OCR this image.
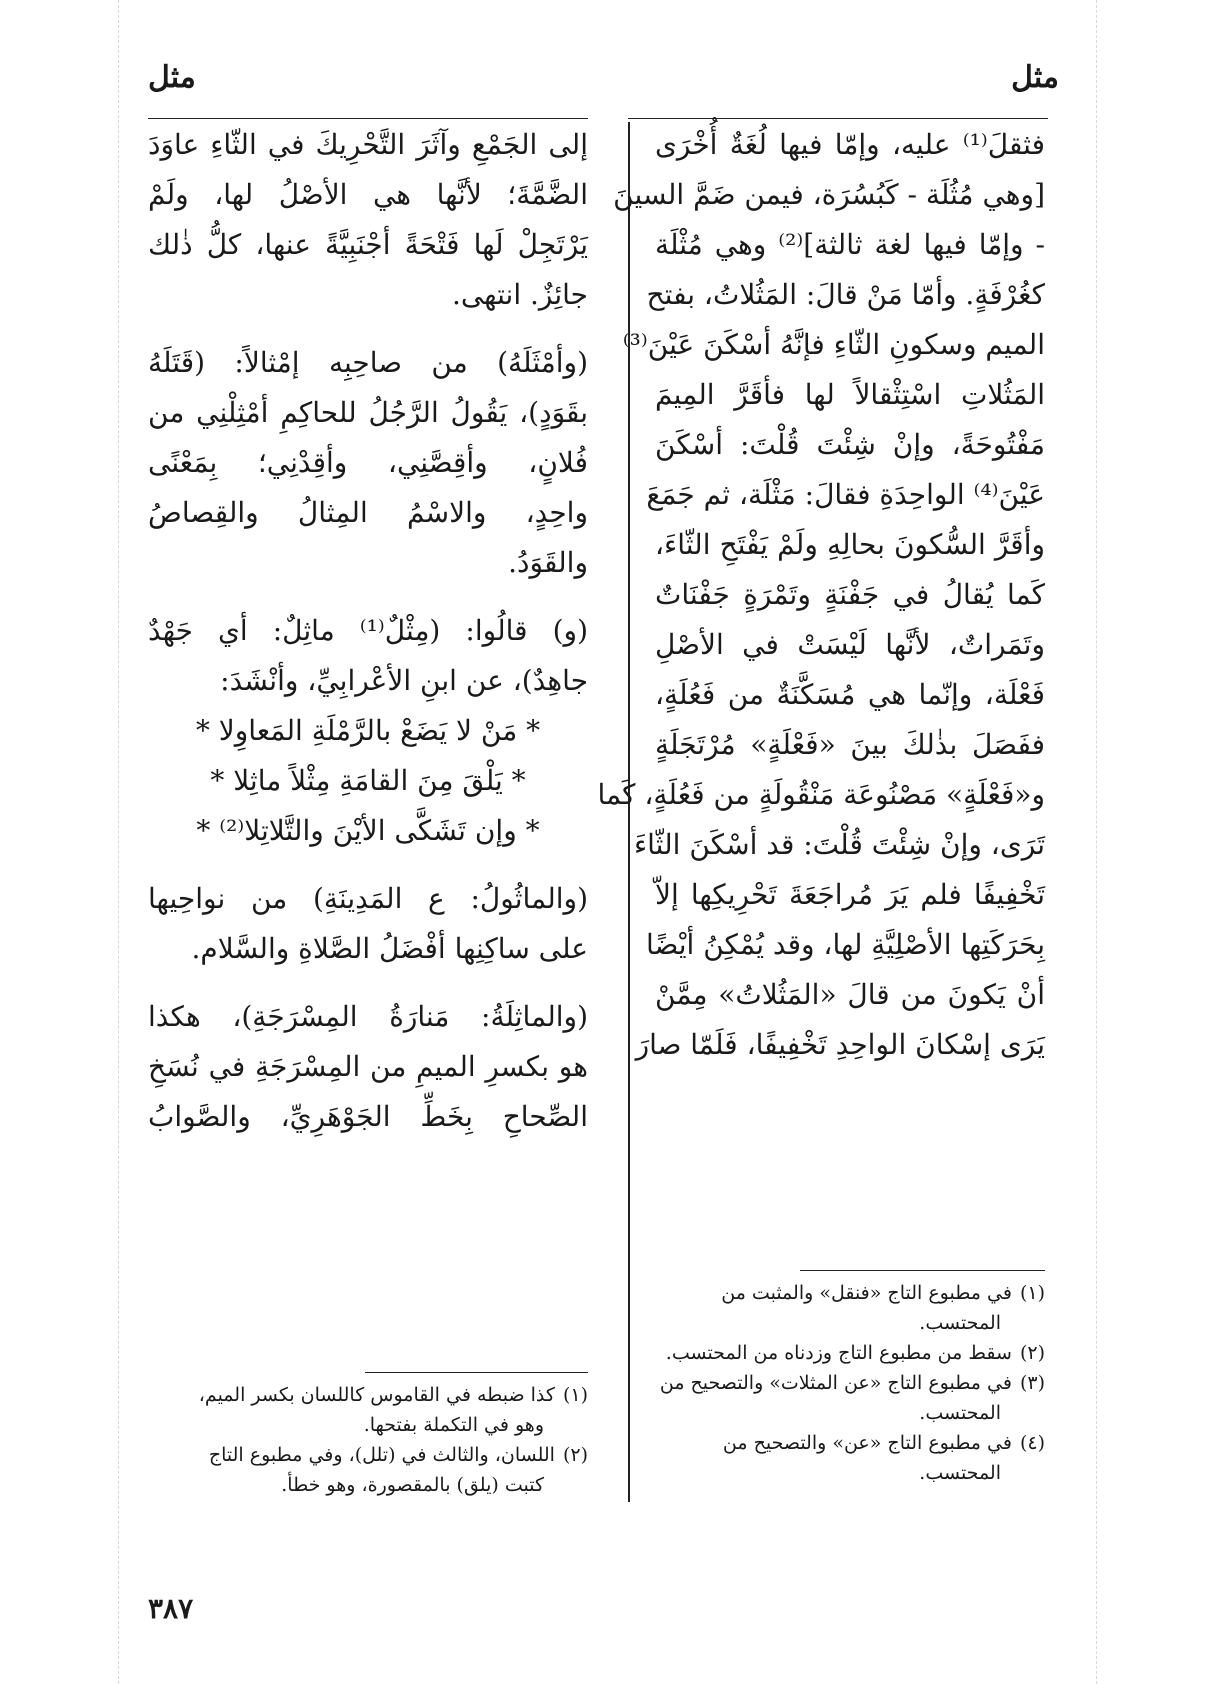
مثل
مثل
فثقلَ⁽¹⁾ عليه، وإمّا فيها لُغَةٌ أُخْرَى
[وهي مُثُلَة - كَبُسُرَة، فيمن ضَمَّ السينَ
- وإمّا فيها لغة ثالثة]⁽²⁾ وهي مُثْلَة
كغُرْفَةٍ. وأمّا مَنْ قالَ: المَثُلاتُ، بفتح
الميم وسكونِ الثّاءِ فإنَّهُ أسْكَنَ عَيْنَ⁽³⁾
المَثُلاتِ اسْتِثْقالاً لها فأقَرَّ المِيمَ
مَفْتُوحَةً، وإنْ شِئْتَ قُلْتَ: أسْكَنَ
عَيْنَ⁽⁴⁾ الواحِدَةِ فقالَ: مَثْلَة، ثم جَمَعَ
وأقَرَّ السُّكونَ بحالِهِ ولَمْ يَفْتَحِ الثّاءَ،
كَما يُقالُ في جَفْنَةٍ وتَمْرَةٍ جَفْنَاتٌ
وتَمَراتٌ، لأنَّها لَيْسَتْ في الأصْلِ
فَعْلَة، وإنّما هي مُسَكَّنَةٌ من فَعُلَةٍ،
ففَصَلَ بذٰلكَ بينَ «فَعْلَةٍ» مُرْتَجَلَةٍ
و«فَعْلَةٍ» مَصْنُوعَة مَنْقُولَةٍ من فَعُلَةٍ، كَما
تَرَى، وإنْ شِئْتَ قُلْتَ: قد أسْكَنَ الثّاءَ
تَخْفِيفًا فلم يَرَ مُراجَعَةَ تَحْرِيكِها إلاّ
بِحَرَكَتِها الأصْلِيَّةِ لها، وقد يُمْكِنُ أيْضًا
أنْ يَكونَ من قالَ «المَثُلاتُ» مِمَّنْ
يَرَى إسْكانَ الواحِدِ تَخْفِيفًا، فَلَمّا صارَ
إلى الجَمْعِ وآثَرَ التَّحْرِيكَ في الثّاءِ عاوَدَ
الضَّمَّةَ؛ لأنَّها هي الأصْلُ لها، ولَمْ
يَرْتَجِلْ لَها فَتْحَةً أجْنَبِيَّةً عنها، كلُّ ذٰلك
جائِزٌ. انتهى.
(وأمْثَلَهُ) من صاحِبِه إمْثالاً: (قَتَلَهُ
بقَوَدٍ)، يَقُولُ الرَّجُلُ للحاكِمِ أمْثِلْنِي من
فُلانٍ، وأقِصَّنِي، وأقِدْنِي؛ بِمَعْنًى
واحِدٍ، والاسْمُ المِثالُ والقِصاصُ
والقَوَدُ.
(و) قالُوا: (مِثْلٌ⁽¹⁾ ماثِلٌ: أي جَهْدٌ
جاهِدٌ)، عن ابنِ الأعْرابِيِّ، وأنْشَدَ:
* مَنْ لا يَضَعْ بالرَّمْلَةِ المَعاوِلا *
* يَلْقَ مِنَ القامَةِ مِثْلاً ماثِلا *
* وإن تَشَكَّى الأيْنَ والتَّلاتِلا⁽²⁾ *
(والماثُولُ: ع المَدِينَةِ) من نواحِيها
على ساكِنِها أفْضَلُ الصَّلاةِ والسَّلام.
(والماثِلَةُ: مَنارَةُ المِسْرَجَةِ)، هكذا
هو بكسرِ الميمِ من المِسْرَجَةِ في نُسَخِ
الصِّحاحِ بِخَطِّ الجَوْهَرِيِّ، والصَّوابُ
(١)في مطبوع التاج «فنقل» والمثبت من
المحتسب.
(٢)سقط من مطبوع التاج وزدناه من المحتسب.
(٣)في مطبوع التاج «عن المثلات» والتصحيح من
المحتسب.
(٤)في مطبوع التاج «عن» والتصحيح من
المحتسب.
(١)كذا ضبطه في القاموس كاللسان بكسر الميم،
وهو في التكملة بفتحها.
(٢)اللسان، والثالث في (تلل)، وفي مطبوع التاج
كتبت (يلق) بالمقصورة، وهو خطأ.
٣٨٧
